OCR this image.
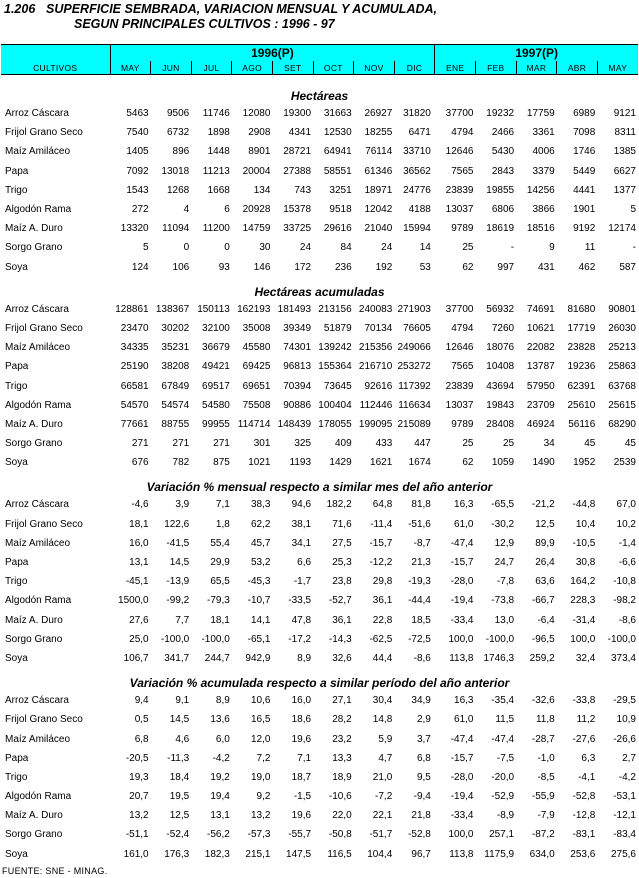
1.206 SUPERFICIE SEMBRADA, VARIACION MENSUAL Y ACUMULADA,
SEGUN PRINCIPALES CULTIVOS : 1996 - 97
	1996(P)								1997(P)				
CULTIVOS	MAY	JUN	JUL	AGO	SET	OCT	NOV	DIC	ENE	FEB	MAR	ABR	MAY
Hectáreas													
Arroz Cáscara	5463	9506	11746	12080	19300	31663	26927	31820	37700	19232	17759	6989	9121
Frijol Grano Seco	7540	6732	1898	2908	4341	12530	18255	6471	4794	2466	3361	7098	8311
Maíz Amiláceo	1405	896	1448	8901	28721	64941	76114	33710	12646	5430	4006	1746	1385
Papa	7092	13018	11213	20004	27388	58551	61346	36562	7565	2843	3379	5449	6627
Trigo	1543	1268	1668	134	743	3251	18971	24776	23839	19855	14256	4441	1377
Algodón Rama	272	4	6	20928	15378	9518	12042	4188	13037	6806	3866	1901	5
Maíz A. Duro	13320	11094	11200	14759	33725	29616	21040	15994	9789	18619	18516	9192	12174
Sorgo Grano	5	0	0	30	24	84	24	14	25	-	9	11	-
Soya	124	106	93	146	172	236	192	53	62	997	431	462	587
Hectáreas acumuladas													
Arroz Cáscara	128861	138367	150113	162193	181493	213156	240083	271903	37700	56932	74691	81680	90801
Frijol Grano Seco	23470	30202	32100	35008	39349	51879	70134	76605	4794	7260	10621	17719	26030
Maíz Amiláceo	34335	35231	36679	45580	74301	139242	215356	249066	12646	18076	22082	23828	25213
Papa	25190	38208	49421	69425	96813	155364	216710	253272	7565	10408	13787	19236	25863
Trigo	66581	67849	69517	69651	70394	73645	92616	117392	23839	43694	57950	62391	63768
Algodón Rama	54570	54574	54580	75508	90886	100404	112446	116634	13037	19843	23709	25610	25615
Maíz A. Duro	77661	88755	99955	114714	148439	178055	199095	215089	9789	28408	46924	56116	68290
Sorgo Grano	271	271	271	301	325	409	433	447	25	25	34	45	45
Soya	676	782	875	1021	1193	1429	1621	1674	62	1059	1490	1952	2539
Variación % mensual respecto a similar mes del año anterior													
Arroz Cáscara	-4,6	3,9	7,1	38,3	94,6	182,2	64,8	81,8	16,3	-65,5	-21,2	-44,8	67,0
Frijol Grano Seco	18,1	122,6	1,8	62,2	38,1	71,6	-11,4	-51,6	61,0	-30,2	12,5	10,4	10,2
Maíz Amiláceo	16,0	-41,5	55,4	45,7	34,1	27,5	-15,7	-8,7	-47,4	12,9	89,9	-10,5	-1,4
Papa	13,1	14,5	29,9	53,2	6,6	25,3	-12,2	21,3	-15,7	24,7	26,4	30,8	-6,6
Trigo	-45,1	-13,9	65,5	-45,3	-1,7	23,8	29,8	-19,3	-28,0	-7,8	63,6	164,2	-10,8
Algodón Rama	1500,0	-99,2	-79,3	-10,7	-33,5	-52,7	36,1	-44,4	-19,4	-73,8	-66,7	228,3	-98,2
Maíz A. Duro	27,6	7,7	18,1	14,1	47,8	36,1	22,8	18,5	-33,4	13,0	-6,4	-31,4	-8,6
Sorgo Grano	25,0	-100,0	-100,0	-65,1	-17,2	-14,3	-62,5	-72,5	100,0	-100,0	-96,5	100,0	-100,0
Soya	106,7	341,7	244,7	942,9	8,9	32,6	44,4	-8,6	113,8	1746,3	259,2	32,4	373,4
Variación % acumulada respecto a similar período del año anterior													
Arroz Cáscara	9,4	9,1	8,9	10,6	16,0	27,1	30,4	34,9	16,3	-35,4	-32,6	-33,8	-29,5
Frijol Grano Seco	0,5	14,5	13,6	16,5	18,6	28,2	14,8	2,9	61,0	11,5	11,8	11,2	10,9
Maíz Amiláceo	6,8	4,6	6,0	12,0	19,6	23,2	5,9	3,7	-47,4	-47,4	-28,7	-27,6	-26,6
Papa	-20,5	-11,3	-4,2	7,2	7,1	13,3	4,7	6,8	-15,7	-7,5	-1,0	6,3	2,7
Trigo	19,3	18,4	19,2	19,0	18,7	18,9	21,0	9,5	-28,0	-20,0	-8,5	-4,1	-4,2
Algodón Rama	20,7	19,5	19,4	9,2	-1,5	-10,6	-7,2	-9,4	-19,4	-52,9	-55,9	-52,8	-53,1
Maíz A. Duro	13,2	12,5	13,1	13,2	19,6	22,0	22,1	21,8	-33,4	-8,9	-7,9	-12,8	-12,1
Sorgo Grano	-51,1	-52,4	-56,2	-57,3	-55,7	-50,8	-51,7	-52,8	100,0	257,1	-87,2	-83,1	-83,4
Soya	161,0	176,3	182,3	215,1	147,5	116,5	104,4	96,7	113,8	1175,9	634,0	253,6	275,6
FUENTE: SNE - MINAG.
